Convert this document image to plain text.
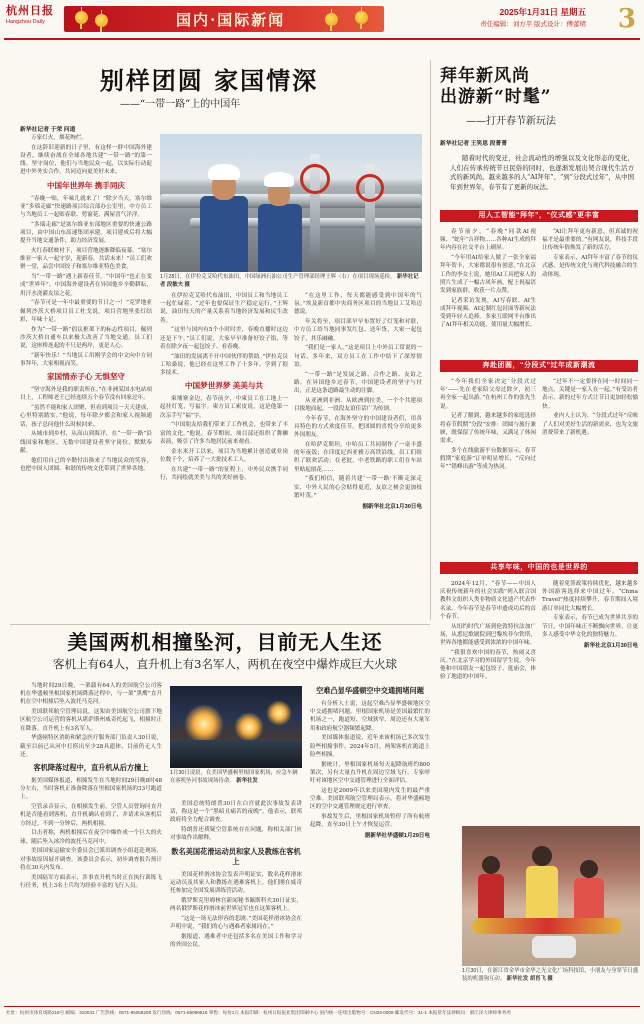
杭州日报
Hangzhou Daily	国内·国际新闻	2025年1月31日 星期五
责任编辑：刘方平 版式设计：傅蕾珺 3
别样团圆 家国情深
——“一带一路”上的中国年
新华社记者 于荣 问道

万家灯火，烟花绚烂。

在这辞旧迎新的日子里，有这样一群中国海外建设者，继续奋战在全球各地共建“一带一路”的第一线。坚守岗位，他们与当地民众一起，以实际行动促进中外务实合作，共同迈向更美好未来。

中国年世界年 携手同庆

“春晚一贴，年味儿就来了！”除夕当天，塞尔维亚“多瑙走廊”快速路项目综合部办公室里，中方员工与当地员工一起贴春联、剪窗花，满屋喜气洋洋。

“多瑙走廊”是塞尔维亚东部地区重要的快速公路项目，由中国山东高速集团承建。项目建成后将大幅提升当地交通条件，助力经济发展。

火红春联映衬下，项目营地逐渐降临夜幕。“塞尔维亚一家人一起守岁，迎新春，共话未来！”员工们欢聚一堂，品尝中国饺子和塞尔维亚特色美食。

当“一带一路”遇上新春佳节，“中国年”也正在变成“世界年”。中国海外建设者在异国他乡辛勤耕耘，用汗水浇灌友谊之花。

“春节可是一年中最重要的节日之一！”克罗地亚佩列沙茨大桥项目员工杜戈说。项目营地里张灯结彩，年味十足。

作为“一带一路”倡议框架下的标志性项目，佩列沙茨大桥自通车以来极大改善了当地交通。员工们说，这座桥连起的不只是两岸，更是人心。

“新年快乐！”当地员工用刚学会的中文向中方同事拜年，大家相视而笑。

家国情赤子心 无惧坚守

“坚守海外是我的职责所在。”在非洲某国水电站项目上，工程师老王已经连续五个春节没有回家过年。

“虽然不能和家人团聚，但看到项目一天天建成，心里特别踏实。”他说，每年除夕都会和家人视频通话，孩子总问他什么时候回来。

从城市到乡村、从高山到海洋，在“一带一路”沿线国家和地区，无数中国建设者坚守岗位，默默奉献。

他们用自己的辛勤付出换来了当地民众的笑容，也把中国人团圆、和谐的传统文化带到了世界各地。

1月28日，在伊拉克艾哈代布油田，中国绿洲石油公司生产管理部经理王辉（右）在项目现场巡检。 新华社记者 段敏夫 摄

在伊拉克艾哈代布油田，中国员工和当地员工一起忙碌着。“过年也要保证生产稳定运行。”王辉说，油田每天的产量关系着当地经济发展和民生改善。

“这里与国内有5个小时时差，春晚直播时这边还是下午。”员工们说，大家早早准备好饺子馅，等着在除夕夜一起包饺子、看春晚。

“油田的发展离不开中国伙伴的帮助。”伊拉克员工哈桑说，他已经在这里工作了十多年，学到了很多技术。

中国梦世界梦 美美与共

柬埔寨金边，春节前夕，中柬员工在工地上一起挂灯笼，写福字。柬方员工索皮说，这是他第一次亲手写“福”字。

“中国朋友给我们带来了工作机会，也带来了丰富的文化。”他说，春节期间，项目部还组织了舞狮表演，吸引了许多当地居民前来观看。

金水米开工以来，项目为当地累计创造就业岗位数千个，培养了一大批技术工人。

在共建“一带一路”的征程上，中外民众携手同行，共同绘就美美与共的美好画卷。

“在这里工作，每天都能感受到中国年的气氛。”埃及新首都中央商务区项目的当地员工艾哈迈德说。

年关将至，项目部早早布置好了灯笼和对联，中方员工给当地同事发红包、送年货，大家一起包饺子，其乐融融。

“我们是一家人。”这是项目上中外员工常说的一句话。多年来，双方员工在工作中结下了深厚情谊。

“一带一路”是发展之路、合作之路、友谊之路。在异国他乡过春节，中国建设者的坚守与付出，正是这条道路最生动的注脚。

从亚洲到非洲、从欧洲到拉美，一个个共建项目拔地而起，一段段友谊佳话广为传颂。

今年春节，在海外坚守的中国建设者们，用各具特色的方式欢度佳节，把团圆的喜悦分享给更多外国朋友。

在哈萨克斯坦，中哈员工共同制作了一桌丰盛的年夜饭；在印度尼西亚雅万高铁沿线，员工们组织了联欢活动；在老挝，中老铁路的职工们在车站里贴起窗花……

“我们相信，随着共建‘一带一路’不断走深走实，中外人民的心会贴得更近，友谊之树会更加枝繁叶茂。”

据新华社北京1月30日电
拜年新风尚
出游新“时髦”
——打开春节新玩法
新华社记者 王笑思 段菁菁
随着时代的变迁，社会流动性的增强以及文化形态的变化，人们在传承传统节日民俗的同时，也逐渐发展出契合现代生活方式的新风尚。越来越多的人“AI拜年”、“到”分段式过年”，从中国年到世界年，春节有了更新的玩法。
用人工智能“拜年”，“仪式感”更丰富

春节前夕，“春晚”同款AI视频、“蛇年”吉祥物……各种AI生成的拜年内容在社交平台上刷屏。

“今年用AI给家人做了一张全家福拜年贺卡，大家都说很有创意。”在北京工作的李女士说，她用AI工具把家人的照片生成了一幅古风年画，配上祝福语发到家族群，收获一片点赞。

记者采访发现，AI写春联、AI生成拜年视频、AI定制红包封面等新玩法受到年轻人追捧。多家互联网平台推出了AI拜年相关功能，使用量大幅增长。

“AI让拜年更有新意，但真诚的祝福才是最重要的。”有网友说，科技手段让传统年俗焕发了新的活力。

专家表示，AI拜年丰富了春节的仪式感，是传统文化与现代科技融合的生动体现。

奔赴团圆，“分段式”过年成新潮流

“今年我们全家决定‘分段式过年’——先在老家陪父母过除夕，初三再全家一起出游。”在杭州工作的张先生说。

记者了解到，越来越多的家庭选择将春节假期“分段”安排：团圆与旅行兼顾，既保留了传统年味，又满足了休闲需求。

多个在线旅游平台数据显示，春节假期“家庭游”订单明显增长，“反向过年”“错峰出游”等成为热词。

“过年不一定要挤在同一时间同一地点，关键是一家人在一起。”有受访者表示，新的过年方式让节日更加轻松愉快。

业内人士认为，“分段式过年”反映了人们对美好生活的新需求，也为文旅消费带来了新机遇。

共享年味，中国的也是世界的

2024年12月，“春节——中国人庆祝传统新年的社会实践”列入联合国教科文组织人类非物质文化遗产代表作名录。今年春节是春节申遗成功后的首个春节。

从纽约时代广场到伦敦特拉法加广场，从悉尼歌剧院到巴黎埃菲尔铁塔，世界各地都能感受到浓浓的中国年味。

“我很喜欢中国的春节，热闹又喜庆。”在北京学习的外国留学生说，今年他和中国朋友一起包饺子、逛庙会，体验了地道的中国年。

随着免签政策持续优化，越来越多外国游客选择来中国过年。“China Travel”热度持续攀升，春节期间入境游订单同比大幅增长。

专家表示，春节已成为世界共享的节日，中国年味正不断飘向世界，让更多人感受中华文化的独特魅力。

新华社北京1月30日电
1月30日，在浙江省金华市金华之光文化广场科技馆，小朋友与身穿节日盛装的机器狗互动。 新华社发 胡肖飞 摄
美国两机相撞坠河，目前无人生还
客机上有64人，直升机上有3名军人，两机在夜空中爆炸成巨大火球

当地时间29日晚，一架载有64人的美国航空公司客机在华盛顿里根国家机场降落过程中，与一架“黑鹰”直升机在空中相撞后坠入波托马克河。

美国联邦航空管理局说，这架由美国航空公司旗下地区航空公司运营的客机从堪萨斯州威奇托起飞，相撞时正在降落。直升机上有3名军人。

华盛顿特区消防和紧急医疗服务部门负责人30日说，截至目前已从河中打捞出至少28具遗体，目前仍无人生还。

客机降落过程中，直升机从后方撞上

据美国媒体报道，相撞发生在当地时间29日晚8时48分左右，当时客机正准备降落在里根国家机场的33号跑道上。

空管录音显示，在相撞发生前，空管人员曾询问直升机是否能看到客机，直升机确认看到了，并请求从客机后方经过。不到一分钟后，两机相撞。

目击者称，两机相撞后在夜空中爆炸成一个巨大的火球，随后坠入冰冷的波托马克河中。

美国国家运输安全委员会已派出调查小组赶赴现场，对事故原因展开调查。该委员会表示，初步调查报告预计将在30天内发布。

美国陆军方面表示，涉事直升机当时正在执行训练飞行任务，机上3名士兵均为经验丰富的飞行人员。

1月30日凌晨，在美国华盛顿里根国家机场，应急车辆在客机坠河事故现场待命。 新华社发

美国总统特朗普30日在白宫就此次事故发表讲话，称这是一个“黑暗且痛苦的夜晚”。他表示，联邦政府将全力配合调查。

特朗普还质疑空管系统存在问题，称相关部门应对事故作出解释。

数名美国花滑运动员和家人及教练在客机上

美国花样滑冰协会发表声明证实，数名花样滑冰运动员及其家人和教练在遇难客机上。他们刚在威奇托参加完全国发展训练营活动。

俄罗斯克里姆林宫新闻秘书佩斯科夫30日证实，两名俄罗斯花样滑冰前世界冠军也在这架客机上。

“这是一场无法形容的悲剧。”美国花样滑冰协会在声明中说，“我们的心与遇难者家属同在。”

据报道，遇难者中还包括多名在美国工作和学习的外国公民。

空难凸显华盛顿空中交通拥堵问题

有分析人士说，这起空难凸显华盛顿地区空中交通拥堵问题。里根国家机场是美国最繁忙的机场之一，跑道短、空域狭窄，周边还有大量军用和政府航空器频繁起降。

美国媒体报道说，近年来该机场已多次发生险些相撞事件。2024年5月，两架客机在跑道上险些相撞。

据统计，里根国家机场每天起降航班约800架次，另有大量直升机在周边空域飞行。专家呼吁对该地区空中交通管理进行全面评估。

这也是2009年以来美国境内发生的最严重空难。美国联邦航空管理局表示，将对华盛顿地区的空中交通管理规定进行审查。

事故发生后，里根国家机场暂停了所有航班起降，直至30日上午才恢复运营。

据新华社华盛顿1月29日电
社址：杭州市体育场路218号 邮编：310041 广告热线：0571-85058208 发行热线：0571-85099516 零售：每份1元 本报印刷：杭州日报报业集团印刷中心 国内统一连续出版物号：CN33-0008 邮发代号：31-1 本报常年法律顾问：浙江泽大律师事务所
